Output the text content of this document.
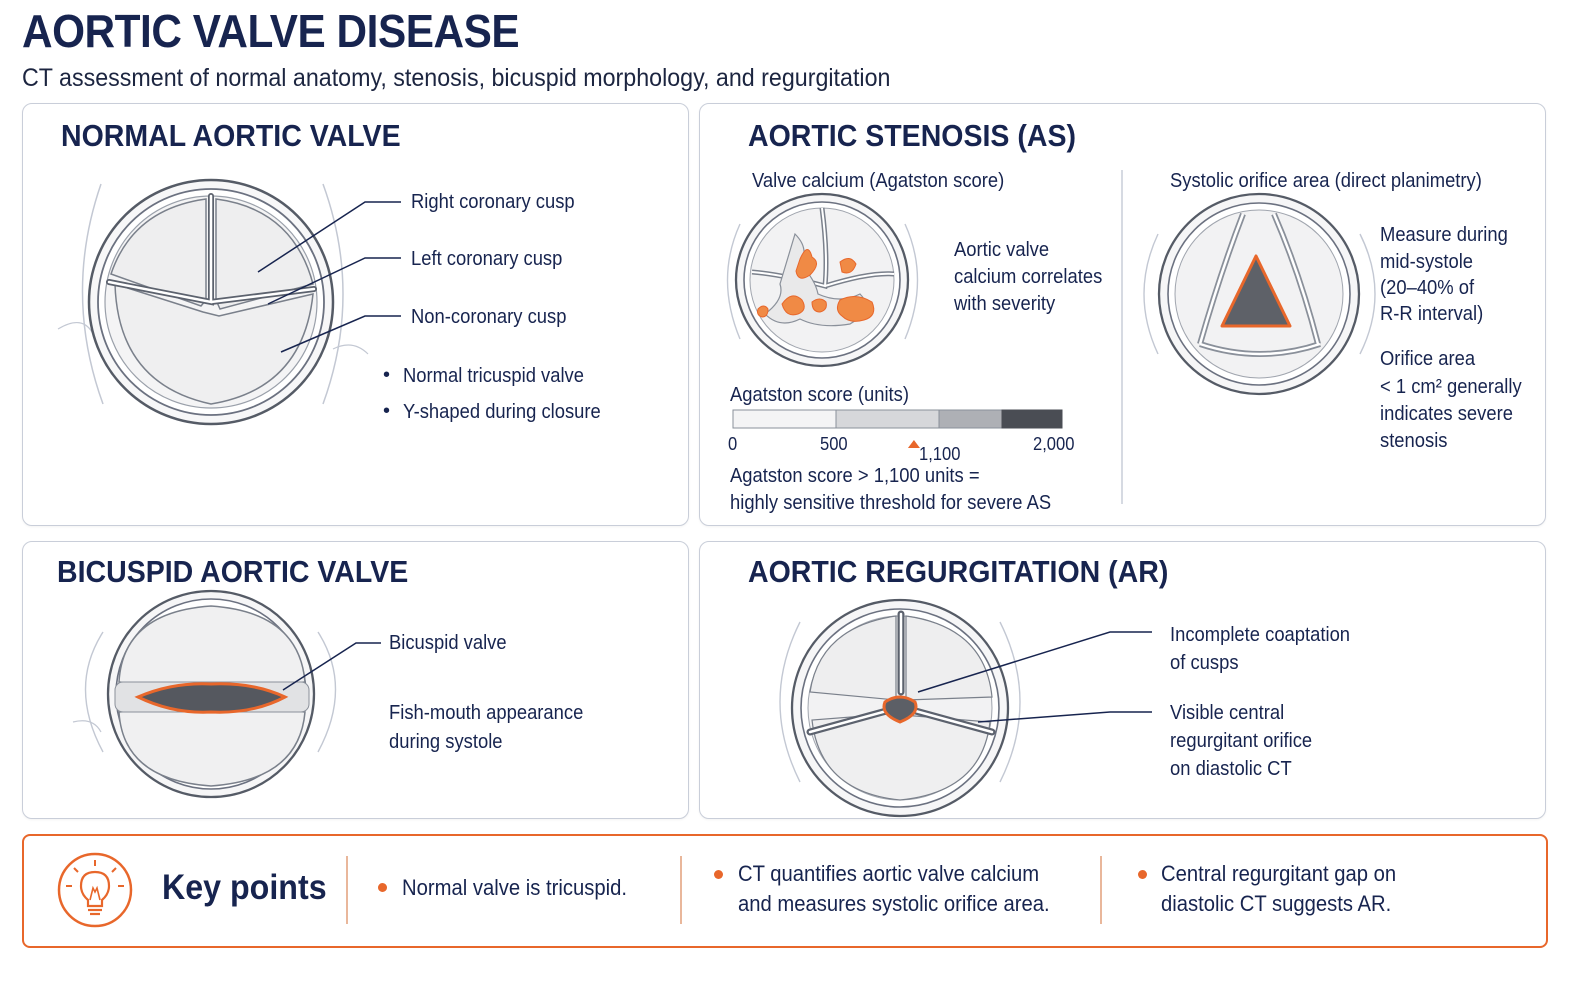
AORTIC VALVE DISEASE
CT assessment of normal anatomy, stenosis, bicuspid morphology, and regurgitation
NORMAL AORTIC VALVE
Right coronary cusp
Left coronary cusp
Non-coronary cusp
• Normal tricuspid valve
• Y-shaped during closure
AORTIC STENOSIS (AS)
Valve calcium (Agatston score)	Systolic orifice area (direct planimetry)
Aortic valve
calcium correlates
with severity
Agatston score (units)
0	500	1,100	2,000
Agatston score > 1,100 units =
highly sensitive threshold for severe AS
Measure during
mid-systole
(20–40% of
R-R interval)
Orifice area
< 1 cm² generally
indicates severe
stenosis
BICUSPID AORTIC VALVE
Bicuspid valve
Fish-mouth appearance
during systole
AORTIC REGURGITATION (AR)
Incomplete coaptation
of cusps
Visible central
regurgitant orifice
on diastolic CT
Key points	Normal valve is tricuspid.
CT quantifies aortic valve calcium
and measures systolic orifice area.
Central regurgitant gap on
diastolic CT suggests AR.
